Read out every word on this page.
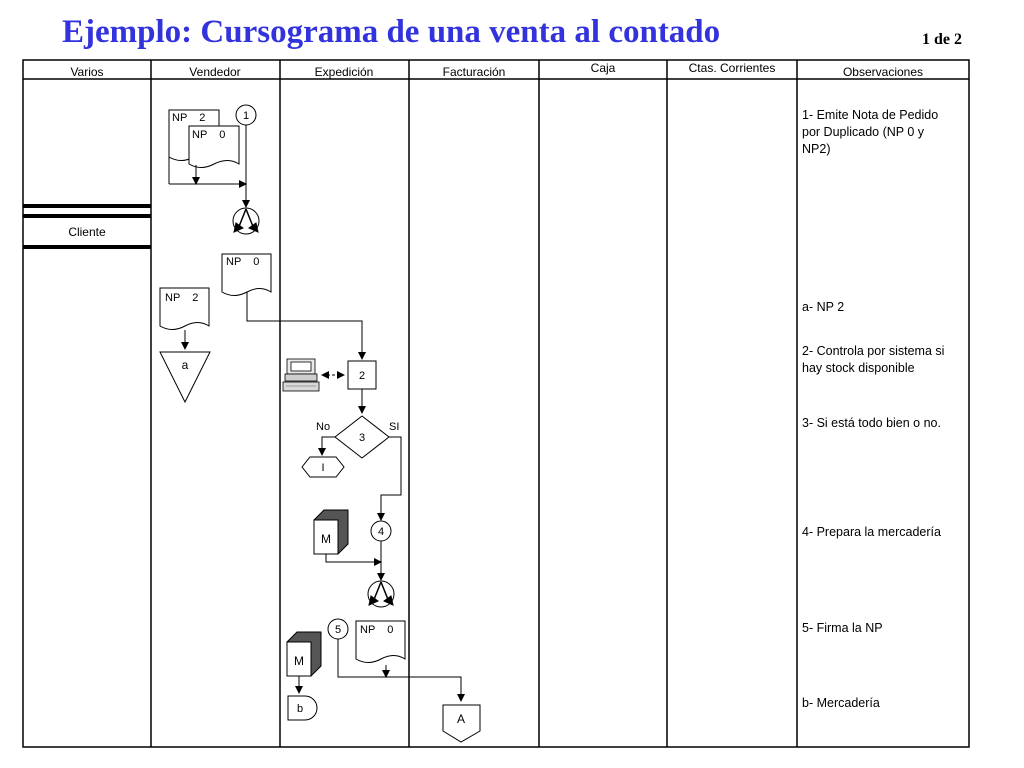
Ejemplo: Cursograma de una venta al contado	1 de 2
Varios	Vendedor	Expedición	Facturación	Caja	Ctas. Corrientes	Observaciones
Cliente
NP    2
NP    0
1
NP    0
NP    2
a
2
3
No	SI
I
M	4
5 NP    0
M
b
A
1- Emite Nota de Pedido
por Duplicado (NP 0 y
NP2)
a- NP 2
2- Controla por sistema si
hay stock disponible
3- Si está todo bien o no.
4- Prepara la mercadería
5- Firma la NP
b- Mercadería
